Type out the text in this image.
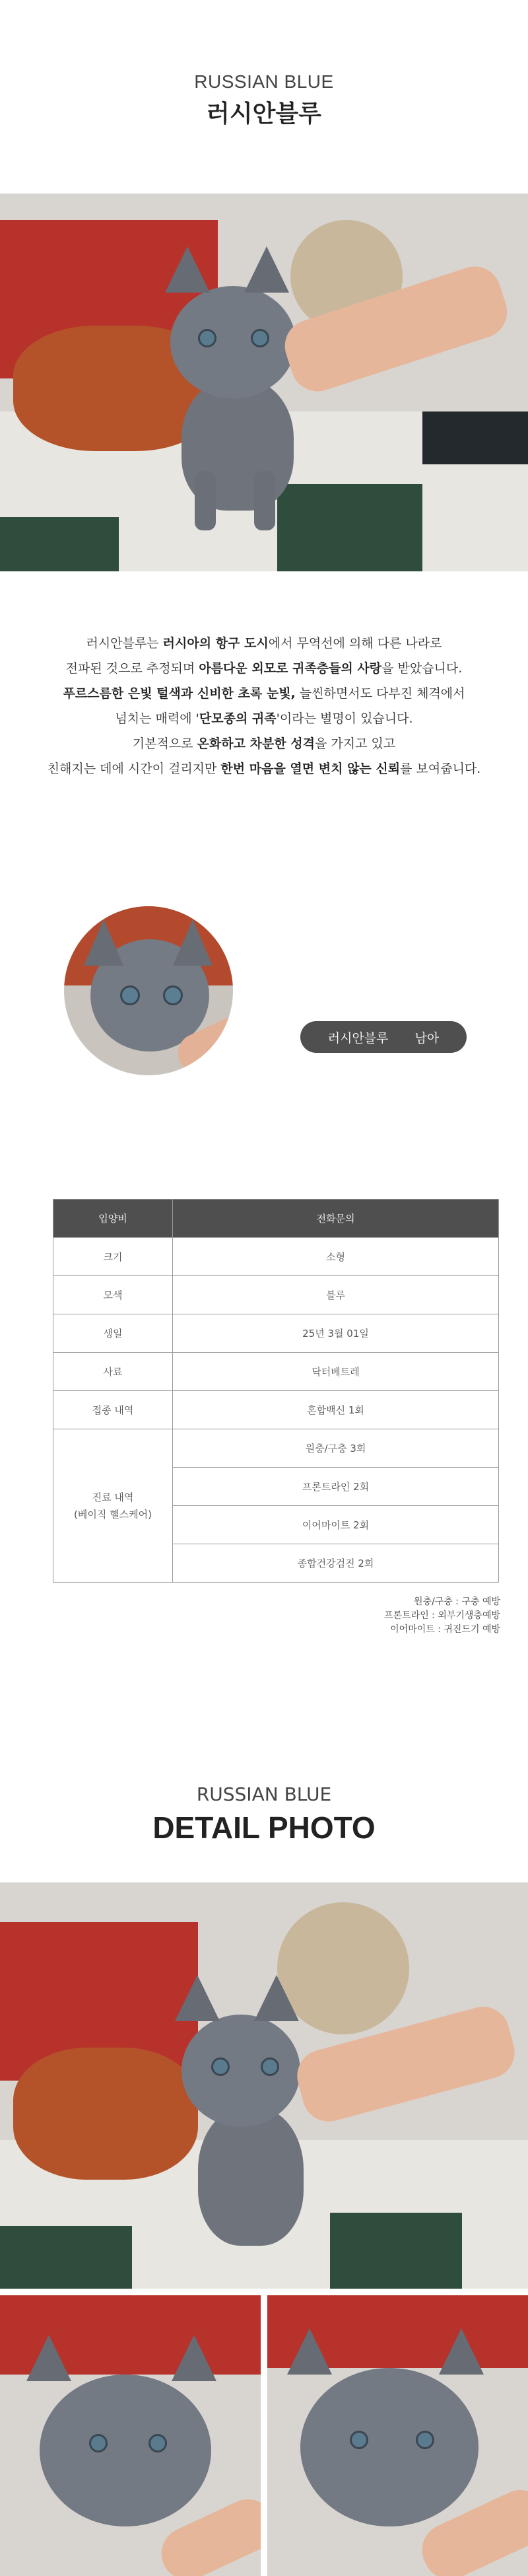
RUSSIAN BLUE
러시안블루

러시안블루는 러시아의 항구 도시에서 무역선에 의해 다른 나라로

전파된 것으로 추정되며 아름다운 외모로 귀족층들의 사랑을 받았습니다.

푸르스름한 은빛 털색과 신비한 초록 눈빛, 늘씬하면서도 다부진 체격에서

넘치는 매력에 '단모종의 귀족'이라는 별명이 있습니다.

기본적으로 온화하고 차분한 성격을 가지고 있고

친해지는 데에 시간이 걸리지만 한번 마음을 열면 변치 않는 신뢰를 보여줍니다.

러시안블루 남아
입양비	전화문의
크기	소형
모색	블루
생일	25년 3월 01일
사료	닥터베트레
접종 내역	혼합백신 1회

진료 내역
(베이직 헬스케어)	원충/구충 3회
	프론트라인 2회
	이어마이트 2회
	종합건강검진 2회
원충/구충 : 구충 예방
프론트라인 : 외부기생충예방
이어마이트 : 귀진드기 예방
RUSSIAN BLUE
DETAIL PHOTO
